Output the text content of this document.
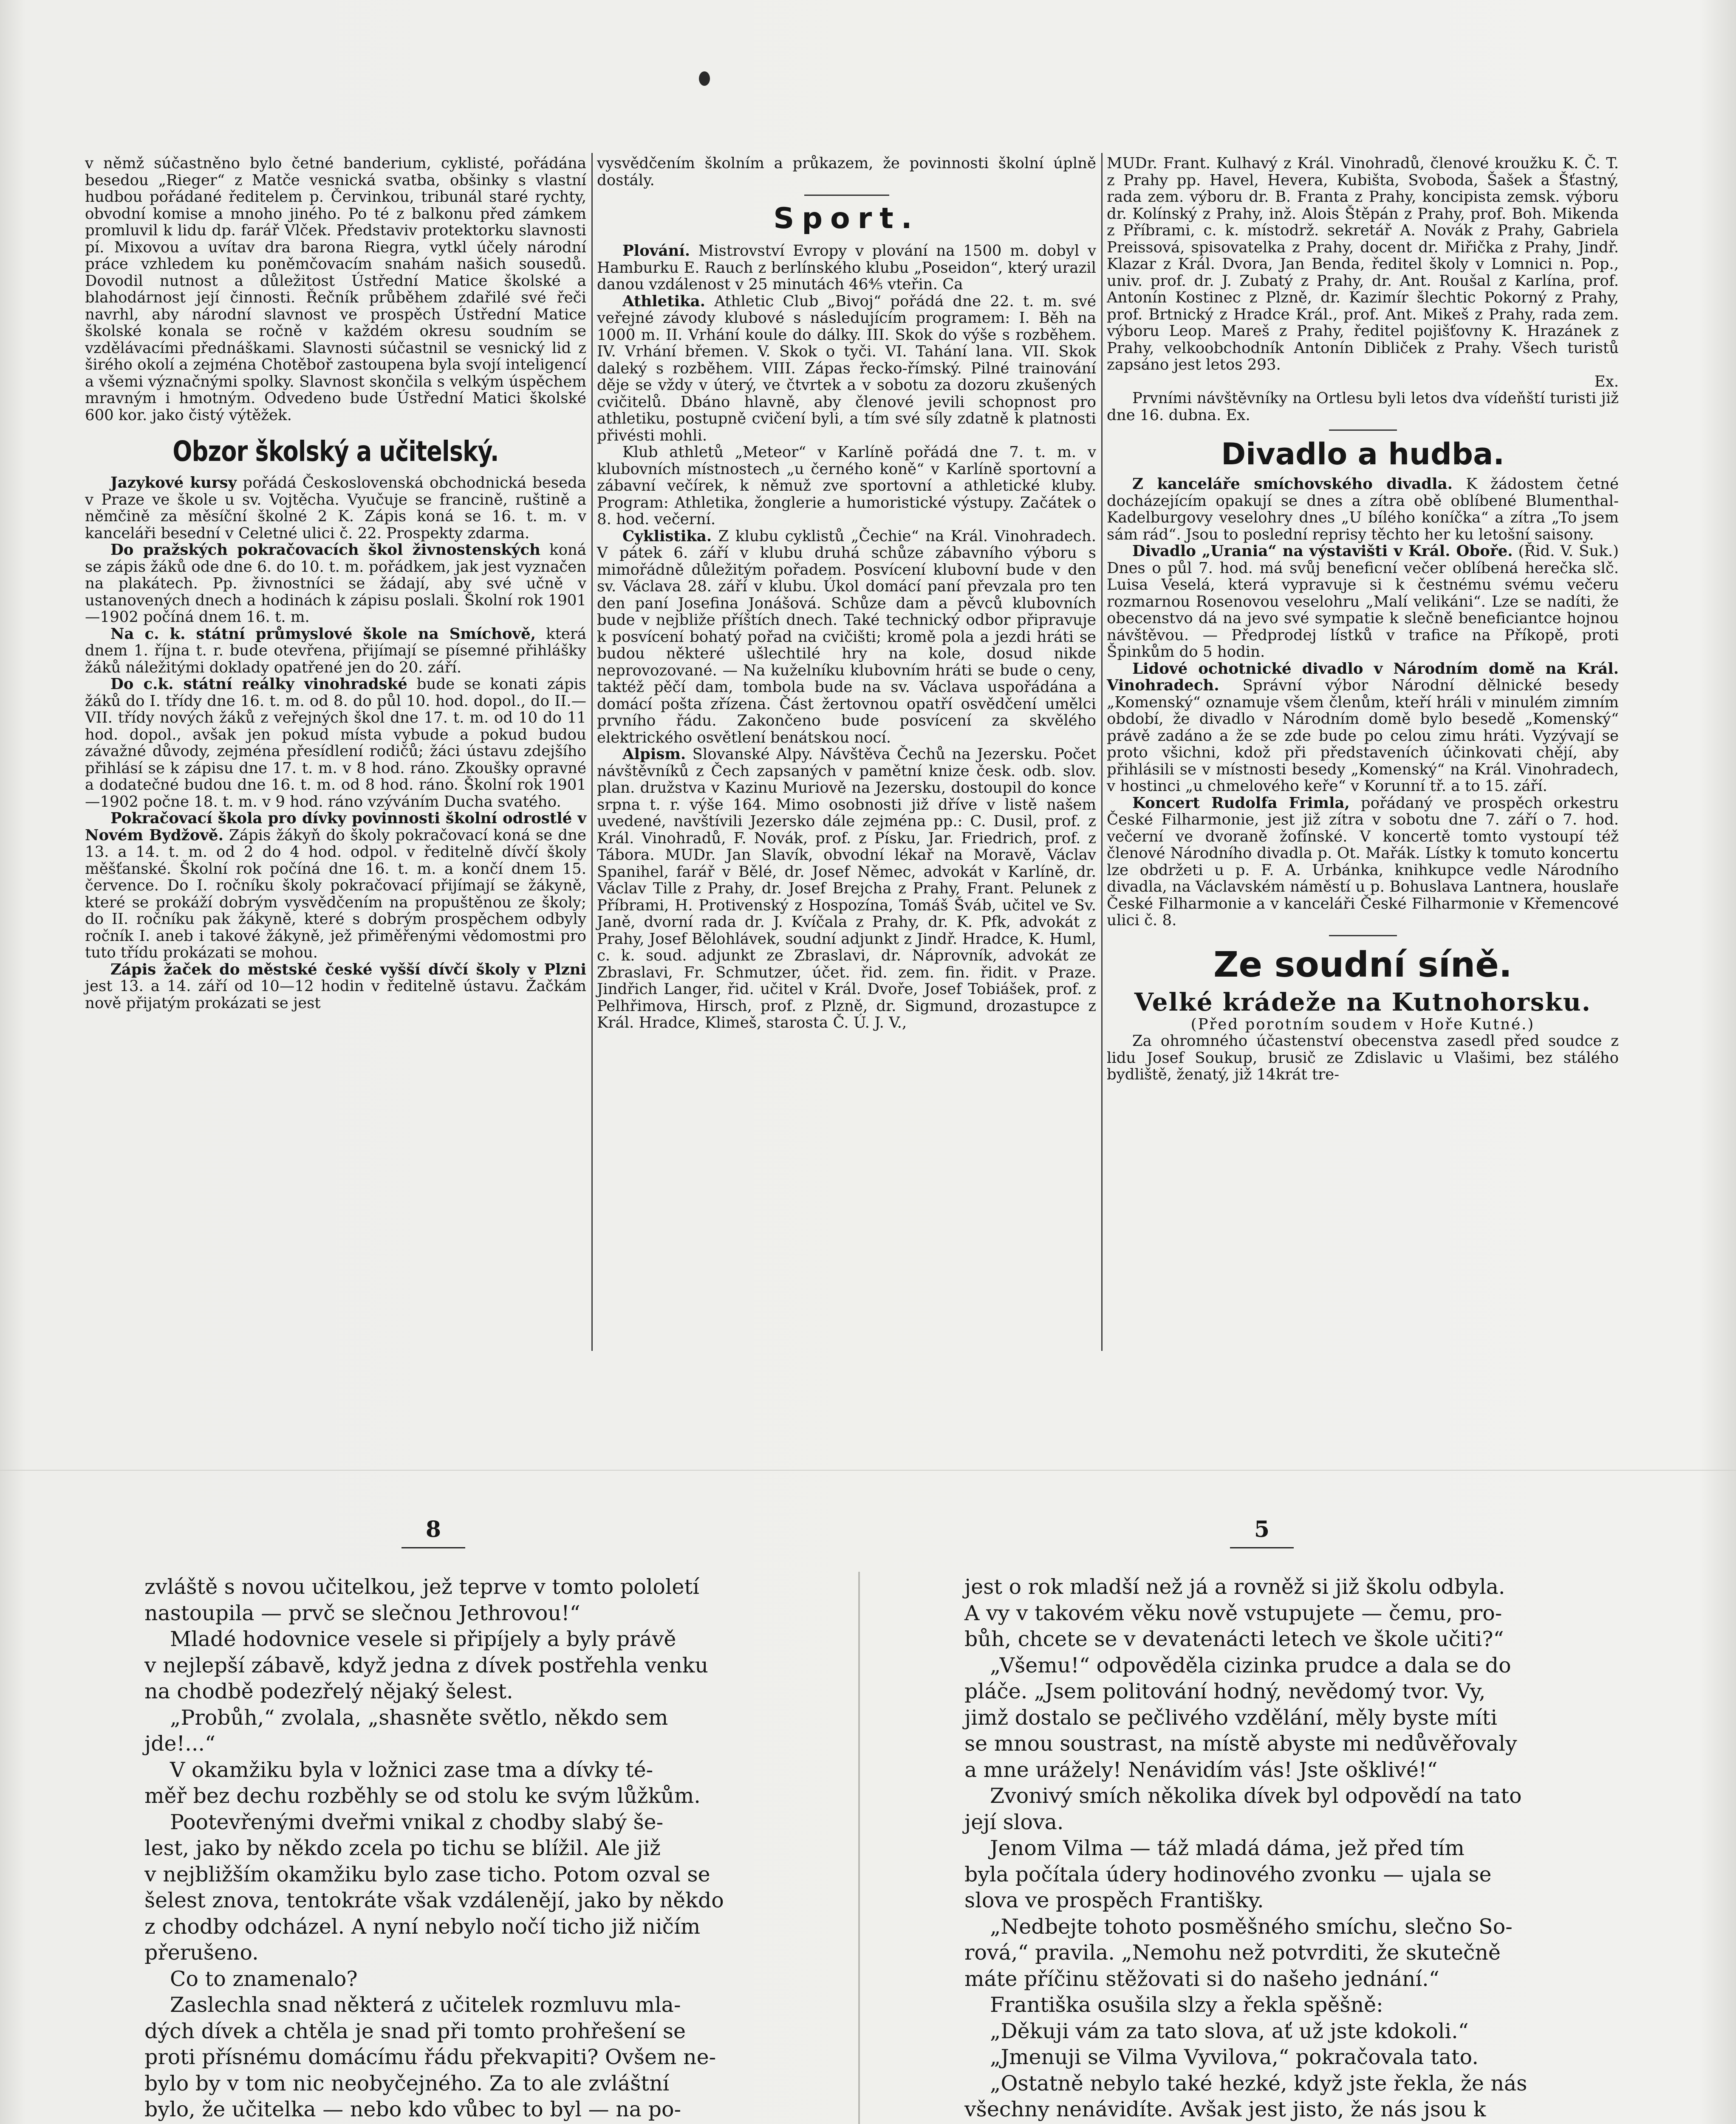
v němž súčastněno bylo četné banderium, cyklisté, pořádána besedou „Rieger“ z Matče vesnická svatba, obšinky s vlastní hudbou pořádané ředitelem p. Červinkou, tribunál staré rychty, obvodní komise a mnoho jiného. Po té z balkonu před zámkem promluvil k lidu dp. farář Vlček. Představiv protektorku slavnosti pí. Mixovou a uvítav dra barona Riegra, vytkl účely národní práce vzhledem ku poněmčovacím snahám našich sousedů. Dovodil nutnost a důležitost Ústřední Matice školské a blahodárnost její činnosti. Řečník průběhem zdařilé své řeči navrhl, aby národní slavnost ve prospěch Ústřední Matice školské konala se ročně v každém okresu soudním se vzdělávacími přednáškami. Slavnosti súčastnil se vesnický lid z širého okolí a zejména Chotěboř zastoupena byla svojí inteligencí a všemi význačnými spolky. Slavnost skončila s velkým úspěchem mravným i hmotným. Odvedeno bude Ústřední Matici školské 600 kor. jako čistý výtěžek.

Obzor školský a učitelský.

Jazykové kursy pořádá Československá obchodnická beseda v Praze ve škole u sv. Vojtěcha. Vyučuje se francině, ruštině a němčině za měsíční školné 2 K. Zápis koná se 16. t. m. v kanceláři besední v Celetné ulici č. 22. Prospekty zdarma.

Do pražských pokračovacích škol živnostenských koná se zápis žáků ode dne 6. do 10. t. m. pořádkem, jak jest vyznačen na plakátech. Pp. živnostníci se žádají, aby své učně v ustanovených dnech a hodinách k zápisu poslali. Školní rok 1901—1902 počíná dnem 16. t. m.

Na c. k. státní průmyslové škole na Smíchově, která dnem 1. října t. r. bude otevřena, přijímají se písemné přihlášky žáků náležitými doklady opatřené jen do 20. září.

Do c.k. státní reálky vinohradské bude se konati zápis žáků do I. třídy dne 16. t. m. od 8. do půl 10. hod. dopol., do II.—VII. třídy nových žáků z veřejných škol dne 17. t. m. od 10 do 11 hod. dopol., avšak jen pokud místa vybude a pokud budou závažné důvody, zejména přesídlení rodičů; žáci ústavu zdejšího přihlásí se k zápisu dne 17. t. m. v 8 hod. ráno. Zkoušky opravné a dodatečné budou dne 16. t. m. od 8 hod. ráno. Školní rok 1901—1902 počne 18. t. m. v 9 hod. ráno vzýváním Ducha svatého.

Pokračovací škola pro dívky povinnosti školní odrostlé v Novém Bydžově. Zápis žákyň do školy pokračovací koná se dne 13. a 14. t. m. od 2 do 4 hod. odpol. v ředitelně dívčí školy měšťanské. Školní rok počíná dne 16. t. m. a končí dnem 15. července. Do I. ročníku školy pokračovací přijímají se žákyně, které se prokáží dobrým vysvědčením na propuštěnou ze školy; do II. ročníku pak žákyně, které s dobrým prospěchem odbyly ročník I. aneb i takové žákyně, jež přiměřenými vědomostmi pro tuto třídu prokázati se mohou.

Zápis žaček do městské české vyšší dívčí školy v Plzni jest 13. a 14. září od 10—12 hodin v ředitelně ústavu. Žačkám nově přijatým prokázati se jest

vysvědčením školním a průkazem, že povinnosti školní úplně dostály.

Sport.

Plování. Mistrovství Evropy v plování na 1500 m. dobyl v Hamburku E. Rauch z berlínského klubu „Poseidon“, který urazil danou vzdálenost v 25 minutách 46⅘ vteřin. Ca

Athletika. Athletic Club „Bivoj“ pořádá dne 22. t. m. své veřejné závody klubové s následujícím programem: I. Běh na 1000 m. II. Vrhání koule do dálky. III. Skok do výše s rozběhem. IV. Vrhání břemen. V. Skok o tyči. VI. Tahání lana. VII. Skok daleký s rozběhem. VIII. Zápas řecko-římský. Pilné trainování děje se vždy v úterý, ve čtvrtek a v sobotu za dozoru zkušených cvičitelů. Dbáno hlavně, aby členové jevili schopnost pro athletiku, postupně cvičení byli, a tím své síly zdatně k platnosti přivésti mohli.

Klub athletů „Meteor“ v Karlíně pořádá dne 7. t. m. v klubovních místnostech „u černého koně“ v Karlíně sportovní a zábavní večírek, k němuž zve sportovní a athletické kluby. Program: Athletika, žonglerie a humoristické výstupy. Začátek o 8. hod. večerní.

Cyklistika. Z klubu cyklistů „Čechie“ na Král. Vinohradech. V pátek 6. září v klubu druhá schůze zábavního výboru s mimořádně důležitým pořadem. Posvícení klubovní bude v den sv. Václava 28. září v klubu. Úkol domácí paní převzala pro ten den paní Josefina Jonášová. Schůze dam a pěvců klubovních bude v nejbliže příštích dnech. Také technický odbor připravuje k posvícení bohatý pořad na cvičišti; kromě pola a jezdi hráti se budou některé ušlechtilé hry na kole, dosud nikde neprovozované. — Na kuželníku klubovním hráti se bude o ceny, taktéž pěčí dam, tombola bude na sv. Václava uspořádána a domácí pošta zřízena. Část žertovnou opatří osvědčení umělci prvního řádu. Zakončeno bude posvícení za skvělého elektrického osvětlení benátskou nocí.

Alpism. Slovanské Alpy. Návštěva Čechů na Jezersku. Počet návštěvníků z Čech zapsaných v pamětní knize česk. odb. slov. plan. družstva v Kazinu Muriově na Jezersku, dostoupil do konce srpna t. r. výše 164. Mimo osobnosti již dříve v listě našem uvedené, navštívili Jezersko dále zejména pp.: C. Dusil, prof. z Král. Vinohradů, F. Novák, prof. z Písku, Jar. Friedrich, prof. z Tábora. MUDr. Jan Slavík, obvodní lékař na Moravě, Václav Spanihel, farář v Bělé, dr. Josef Němec, advokát v Karlíně, dr. Václav Tille z Prahy, dr. Josef Brejcha z Prahy, Frant. Pelunek z Příbrami, H. Protivenský z Hospozína, Tomáš Šváb, učitel ve Sv. Janě, dvorní rada dr. J. Kvíčala z Prahy, dr. K. Pfk, advokát z Prahy, Josef Bělohlávek, soudní adjunkt z Jindř. Hradce, K. Huml, c. k. soud. adjunkt ze Zbraslavi, dr. Náprovník, advokát ze Zbraslavi, Fr. Schmutzer, účet. řid. zem. fin. řidit. v Praze. Jindřich Langer, řid. učitel v Král. Dvoře, Josef Tobiášek, prof. z Pelhřimova, Hirsch, prof. z Plzně, dr. Sigmund, drozastupce z Král. Hradce, Klimeš, starosta Č. Ú. J. V.,

MUDr. Frant. Kulhavý z Král. Vinohradů, členové kroužku K. Č. T. z Prahy pp. Havel, Hevera, Kubišta, Svoboda, Šašek a Šťastný, rada zem. výboru dr. B. Franta z Prahy, koncipista zemsk. výboru dr. Kolínský z Prahy, inž. Alois Štěpán z Prahy, prof. Boh. Mikenda z Příbrami, c. k. místodrž. sekretář A. Novák z Prahy, Gabriela Preissová, spisovatelka z Prahy, docent dr. Miřička z Prahy, Jindř. Klazar z Král. Dvora, Jan Benda, ředitel školy v Lomnici n. Pop., univ. prof. dr. J. Zubatý z Prahy, dr. Ant. Roušal z Karlína, prof. Antonín Kostinec z Plzně, dr. Kazimír šlechtic Pokorný z Prahy, prof. Brtnický z Hradce Král., prof. Ant. Mikeš z Prahy, rada zem. výboru Leop. Mareš z Prahy, ředitel pojišťovny K. Hrazánek z Prahy, velkoobchodník Antonín Dibliček z Prahy. Všech turistů zapsáno jest letos 293.

Ex.

Prvními návštěvníky na Ortlesu byli letos dva vídeňští turisti již dne 16. dubna. Ex.

Divadlo a hudba.

Z kanceláře smíchovského divadla. K žádostem četné docházejícím opakují se dnes a zítra obě oblíbené Blumenthal-Kadelburgovy veselohry dnes „U bílého koníčka“ a zítra „To jsem sám rád“. Jsou to poslední reprisy těchto her ku letošní saisony.

Divadlo „Urania“ na výstavišti v Král. Oboře. (Řid. V. Suk.) Dnes o půl 7. hod. má svůj beneficní večer oblíbená herečka slč. Luisa Veselá, která vypravuje si k čestnému svému večeru rozmarnou Rosenovou veselohru „Malí velikáni“. Lze se nadíti, že obecenstvo dá na jevo své sympatie k slečně beneficiantce hojnou návštěvou. — Předprodej lístků v trafice na Příkopě, proti Špinkům do 5 hodin.

Lidové ochotnické divadlo v Národním domě na Král. Vinohradech. Správní výbor Národní dělnické besedy „Komenský“ oznamuje všem členům, kteří hráli v minulém zimním období, že divadlo v Národním domě bylo besedě „Komenský“ právě zadáno a že se zde bude po celou zimu hráti. Vyzývají se proto všichni, kdož při představeních účinkovati chějí, aby přihlásili se v místnosti besedy „Komenský“ na Král. Vinohradech, v hostinci „u chmelového keře“ v Korunní tř. a to 15. září.

Koncert Rudolfa Frimla, pořádaný ve prospěch orkestru České Filharmonie, jest již zítra v sobotu dne 7. září o 7. hod. večerní ve dvoraně žofínské. V koncertě tomto vystoupí též členové Národního divadla p. Ot. Mařák. Lístky k tomuto koncertu lze obdržeti u p. F. A. Urbánka, knihkupce vedle Národního divadla, na Václavském náměstí u p. Bohuslava Lantnera, houslaře České Filharmonie a v kanceláři České Filharmonie v Křemencové ulici č. 8.

Ze soudní síně.
Velké krádeže na Kutnohorsku.

(Před porotním soudem v Hoře Kutné.)

Za ohromného účastenství obecenstva zasedl před soudce z lidu Josef Soukup, brusič ze Zdislavic u Vlašimi, bez stálého bydliště, ženatý, již 14krát tre-

8	5

zvláště s novou učitelkou, jež teprve v tomto pololetí

nastoupila — prvč se slečnou Jethrovou!“

Mladé hodovnice vesele si připíjely a byly právě

v nejlepší zábavě, když jedna z dívek postřehla venku

na chodbě podezřelý nějaký šelest.

„Probůh,“ zvolala, „shasněte světlo, někdo sem

jde!...“

V okamžiku byla v ložnici zase tma a dívky té-

měř bez dechu rozběhly se od stolu ke svým lůžkům.

Pootevřenými dveřmi vnikal z chodby slabý še-

lest, jako by někdo zcela po tichu se blížil. Ale již

v nejbližším okamžiku bylo zase ticho. Potom ozval se

šelest znova, tentokráte však vzdálenějí, jako by někdo

z chodby odcházel. A nyní nebylo nočí ticho již ničím

přerušeno.

Co to znamenalo?

Zaslechla snad některá z učitelek rozmluvu mla-

dých dívek a chtěla je snad při tomto prohřešení se

proti přísnému domácímu řádu překvapiti? Ovšem ne-

bylo by v tom nic neobyčejného. Za to ale zvláštní

bylo, že učitelka — nebo kdo vůbec to byl — na po-

jest o rok mladší než já a rovněž si již školu odbyla.

A vy v takovém věku nově vstupujete — čemu, pro-

bůh, chcete se v devatenácti letech ve škole učiti?“

„Všemu!“ odpověděla cizinka prudce a dala se do

pláče. „Jsem politování hodný, nevědomý tvor. Vy,

jimž dostalo se pečlivého vzdělání, měly byste míti

se mnou soustrast, na místě abyste mi nedůvěřovaly

a mne urážely! Nenávidím vás! Jste ošklivé!“

Zvonivý smích několika dívek byl odpovědí na tato

její slova.

Jenom Vilma — táž mladá dáma, jež před tím

byla počítala údery hodinového zvonku — ujala se

slova ve prospěch Františky.

„Nedbejte tohoto posměšného smíchu, slečno So-

rová,“ pravila. „Nemohu než potvrditi, že skutečně

máte příčinu stěžovati si do našeho jednání.“

Františka osušila slzy a řekla spěšně:

„Děkuji vám za tato slova, ať už jste kdokoli.“

„Jmenuji se Vilma Vyvilova,“ pokračovala tato.

„Ostatně nebylo také hezké, když jste řekla, že nás

všechny nenávidíte. Avšak jest jisto, že nás jsou k
